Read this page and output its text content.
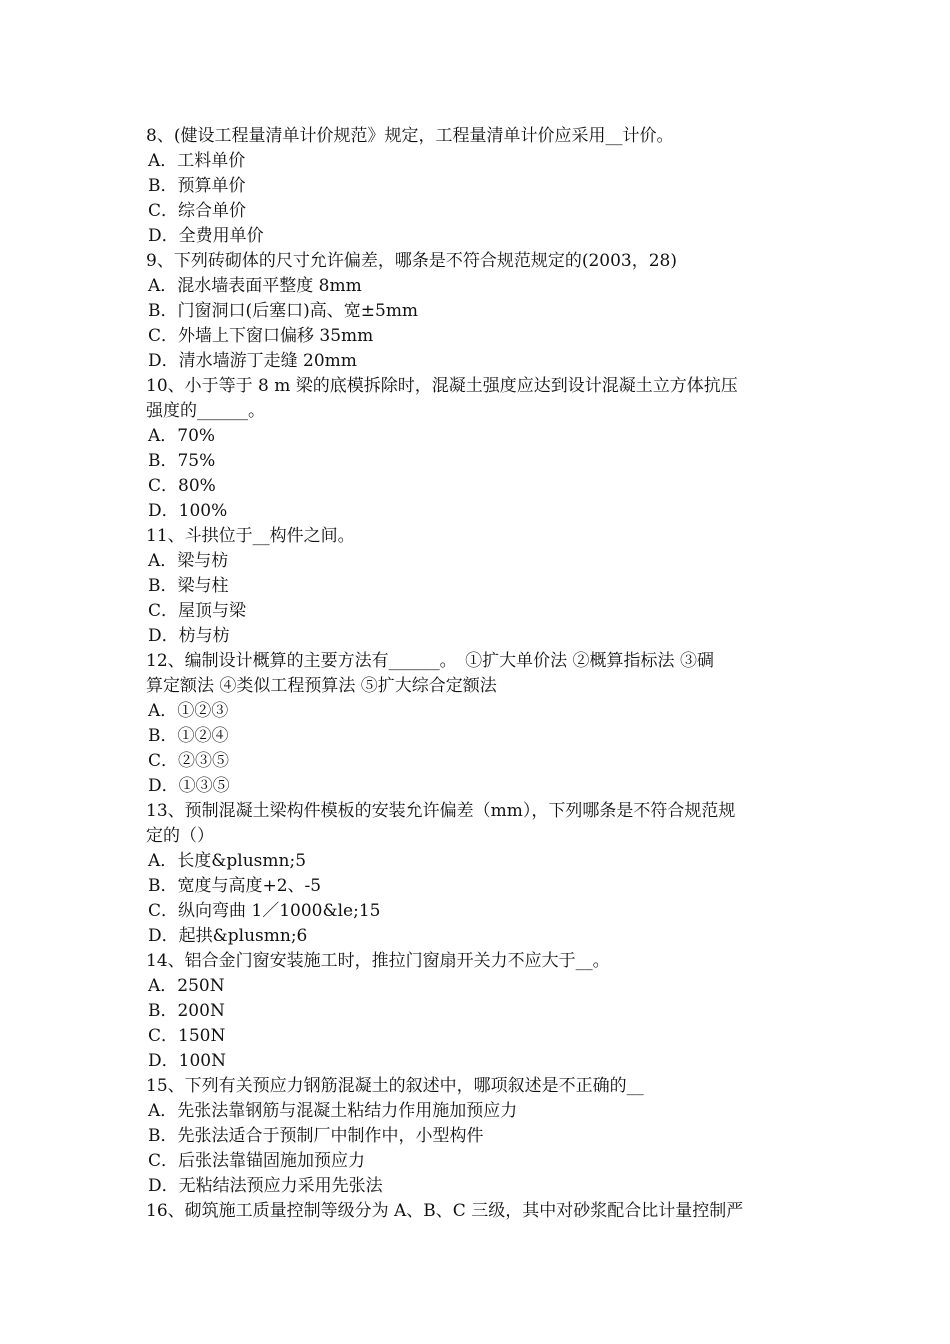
8、(健设工程量清单计价规范》规定，工程量清单计价应采用__计价。
A．工料单价
B．预算单价
C．综合单价
D．全费用单价
9、下列砖砌体的尺寸允许偏差，哪条是不符合规范规定的(2003，28)
A．混水墙表面平整度 8mm
B．门窗洞口(后塞口)高、宽±5mm
C．外墙上下窗口偏移 35mm
D．清水墙游丁走缝 20mm
10、小于等于 8 m 梁的底模拆除时，混凝土强度应达到设计混凝土立方体抗压
强度的______。
A．70%
B．75%
C．80%
D．100%
11、斗拱位于__构件之间。
A．梁与枋
B．梁与柱
C．屋顶与梁
D．枋与枋
12、编制设计概算的主要方法有______。　①扩大单价法 ②概算指标法 ③碉
算定额法 ④类似工程预算法 ⑤扩大综合定额法
A．①②③
B．①②④
C．②③⑤
D．①③⑤
13、预制混凝土梁构件模板的安装允许偏差（mm），下列哪条是不符合规范规
定的（）
A．长度&plusmn;5
B．宽度与高度+2、-5
C．纵向弯曲 1／1000&le;15
D．起拱&plusmn;6
14、铝合金门窗安装施工时，推拉门窗扇开关力不应大于__。
A．250N
B．200N
C．150N
D．100N
15、下列有关预应力钢筋混凝土的叙述中，哪项叙述是不正确的__
A．先张法靠钢筋与混凝土粘结力作用施加预应力
B．先张法适合于预制厂中制作中，小型构件
C．后张法靠锚固施加预应力
D．无粘结法预应力采用先张法
16、砌筑施工质量控制等级分为 A、B、C 三级，其中对砂浆配合比计量控制严
